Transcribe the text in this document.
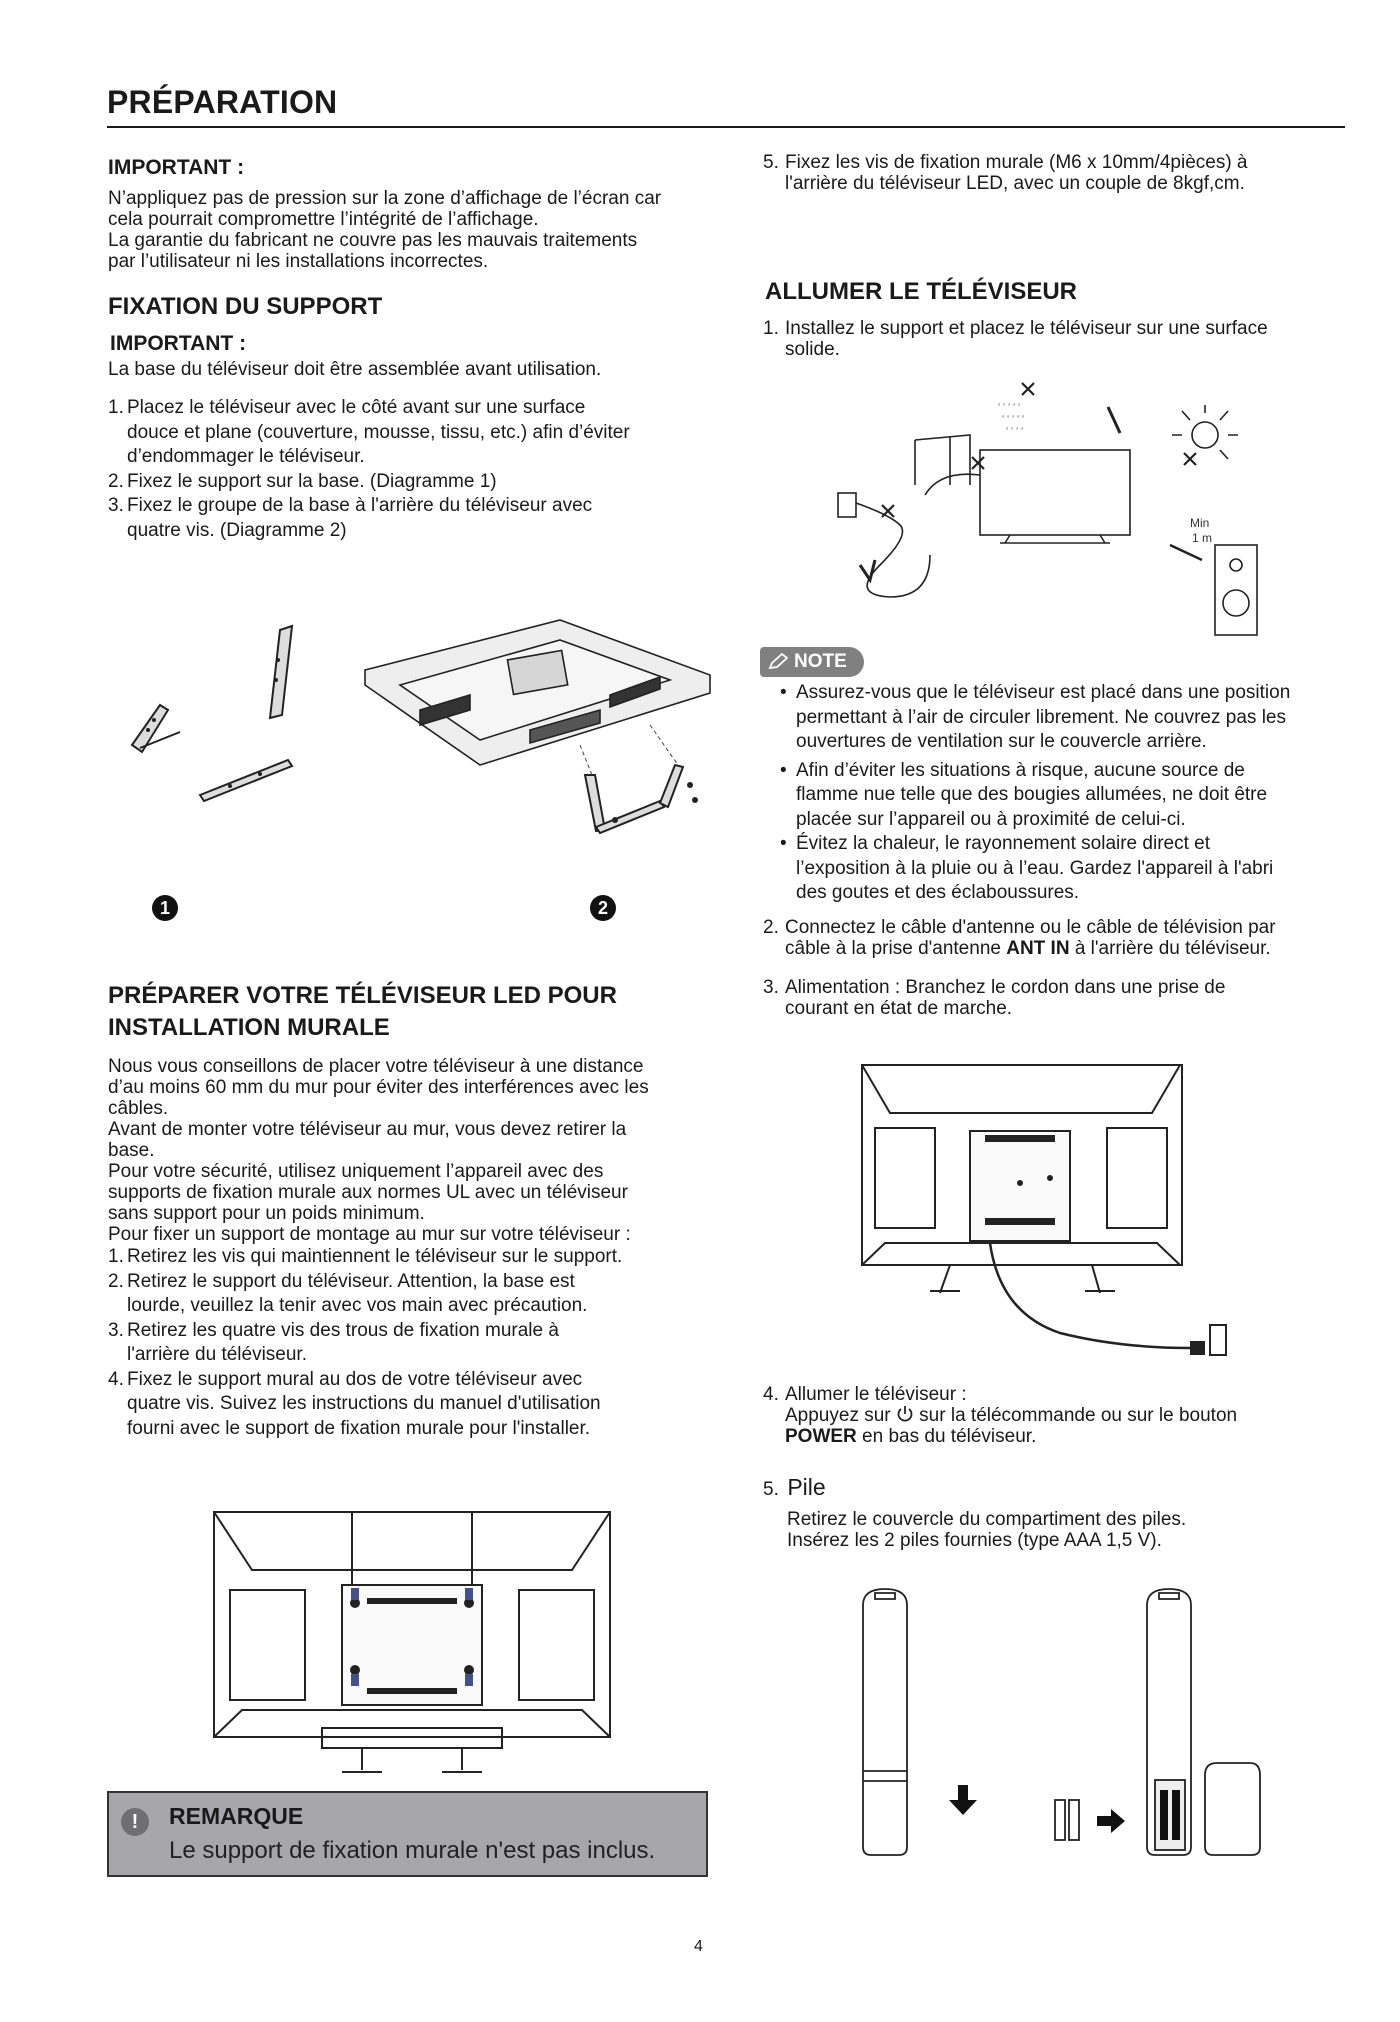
PRÉPARATION
IMPORTANT :
N’appliquez pas de pression sur la zone d’affichage de l’écran car
cela pourrait compromettre l’intégrité de l’affichage.
La garantie du fabricant ne couvre pas les mauvais traitements
par l’utilisateur ni les installations incorrectes.
FIXATION DU SUPPORT
IMPORTANT :
La base du téléviseur doit être assemblée avant utilisation.
1. Placez le téléviseur avec le côté avant sur une surface
douce et plane (couverture, mousse, tissu, etc.) afin d’éviter
d’endommager le téléviseur.
2. Fixez le support sur la base. (Diagramme 1)
3. Fixez le groupe de la base à l'arrière du téléviseur avec
quatre vis. (Diagramme 2)
1	2
PRÉPARER VOTRE TÉLÉVISEUR LED POUR
INSTALLATION MURALE
Nous vous conseillons de placer votre téléviseur à une distance
d’au moins 60 mm du mur pour éviter des interférences avec les
câbles.
Avant de monter votre téléviseur au mur, vous devez retirer la
base.
Pour votre sécurité, utilisez uniquement l’appareil avec des
supports de fixation murale aux normes UL avec un téléviseur
sans support pour un poids minimum.
Pour fixer un support de montage au mur sur votre téléviseur :
1. Retirez les vis qui maintiennent le téléviseur sur le support.
2. Retirez le support du téléviseur. Attention, la base est
lourde, veuillez la tenir avec vos main avec précaution.
3. Retirez les quatre vis des trous de fixation murale à
l'arrière du téléviseur.
4. Fixez le support mural au dos de votre téléviseur avec
quatre vis. Suivez les instructions du manuel d'utilisation
fourni avec le support de fixation murale pour l'installer.
!	REMARQUE
Le support de fixation murale n'est pas inclus.
5. Fixez les vis de fixation murale (M6 x 10mm/4pièces) à
l'arrière du téléviseur LED, avec un couple de 8kgf,cm.
ALLUMER LE TÉLÉVISEUR
1. Installez le support et placez le téléviseur sur une surface
solide.
‘ ‘ ‘ ‘ ‘
‘ ‘ ‘ ‘ ‘
‘ ‘ ‘ ‘
Min
1 m
NOTE
• Assurez-vous que le téléviseur est placé dans une position
permettant à l’air de circuler librement. Ne couvrez pas les
ouvertures de ventilation sur le couvercle arrière.
• Afin d’éviter les situations à risque, aucune source de
flamme nue telle que des bougies allumées, ne doit être
placée sur l’appareil ou à proximité de celui-ci.
• Évitez la chaleur, le rayonnement solaire direct et
l’exposition à la pluie ou à l’eau. Gardez l'appareil à l'abri
des goutes et des éclaboussures.
2. Connectez le câble d'antenne ou le câble de télévision par
câble à la prise d'antenne ANT IN à l'arrière du téléviseur.
3. Alimentation : Branchez le cordon dans une prise de
courant en état de marche.
4. Allumer le téléviseur :
Appuyez sur  sur la télécommande ou sur le bouton
POWER en bas du téléviseur.
5. Pile
Retirez le couvercle du compartiment des piles.
Insérez les 2 piles fournies (type AAA 1,5 V).
4
